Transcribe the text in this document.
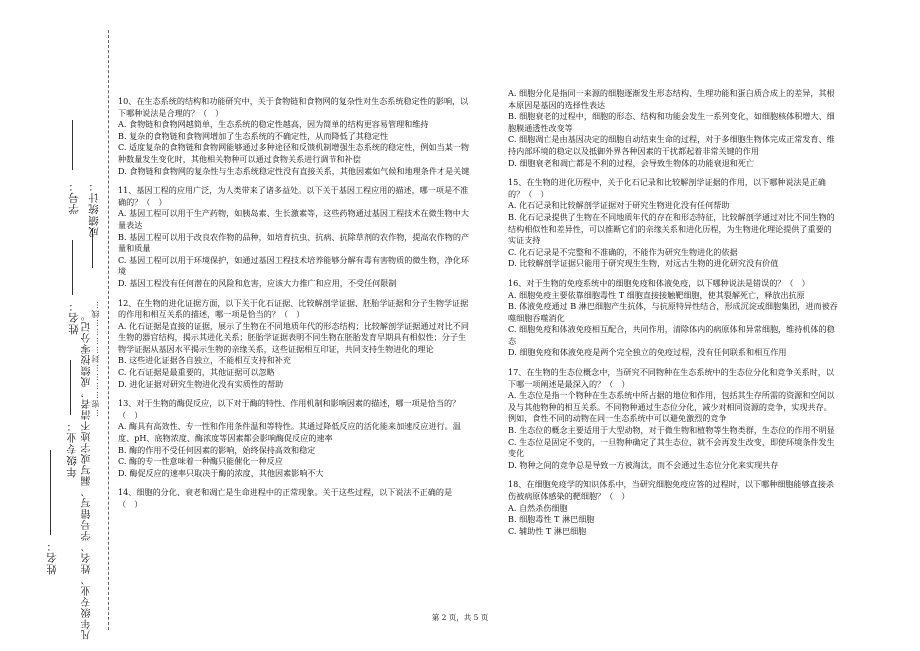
学号：
姓名：
成绩统计：
凡年级专业、姓名、学号错写、漏写或字迹不清者，成绩按零分记。
年级专业：
姓名：
…密…………封…………线…

10、在生态系统的结构和功能研究中，关于食物链和食物网的复杂性对生态系统稳定性的影响，以下哪种说法是合理的？（　）

A. 食物链和食物网越简单，生态系统的稳定性越高，因为简单的结构更容易管理和维持

B. 复杂的食物链和食物网增加了生态系统的不确定性，从而降低了其稳定性

C. 适度复杂的食物链和食物网能够通过多种途径和反馈机制增强生态系统的稳定性，例如当某一物种数量发生变化时，其他相关物种可以通过食物关系进行调节和补偿

D. 食物链和食物网的复杂性与生态系统稳定性没有直接关系，其他因素如气候和地理条件才是关键

11、基因工程的应用广泛，为人类带来了诸多益处。以下关于基因工程应用的描述，哪一项是不准确的？（　）

A. 基因工程可以用于生产药物，如胰岛素、生长激素等，这些药物通过基因工程技术在微生物中大量表达

B. 基因工程可以用于改良农作物的品种，如培育抗虫、抗病、抗除草剂的农作物，提高农作物的产量和质量

C. 基因工程可以用于环境保护，如通过基因工程技术培养能够分解有毒有害物质的微生物，净化环境

D. 基因工程没有任何潜在的风险和危害，应该大力推广和应用，不受任何限制

12、在生物的进化证据方面，以下关于化石证据、比较解剖学证据、胚胎学证据和分子生物学证据的作用和相互关系的描述，哪一项是恰当的？（　）

A. 化石证据是直接的证据，展示了生物在不同地质年代的形态结构；比较解剖学证据通过对比不同生物的器官结构，揭示其进化关系；胚胎学证据表明不同生物在胚胎发育早期具有相似性；分子生物学证据从基因水平揭示生物的亲缘关系，这些证据相互印证，共同支持生物进化的理论

B. 这些进化证据各自独立，不能相互支持和补充

C. 化石证据是最重要的，其他证据可以忽略

D. 进化证据对研究生物进化没有实质性的帮助

13、对于生物的酶促反应，以下对于酶的特性、作用机制和影响因素的描述，哪一项是恰当的？（　）

A. 酶具有高效性、专一性和作用条件温和等特性。其通过降低反应的活化能来加速反应进行。温度、pH、底物浓度、酶浓度等因素都会影响酶促反应的速率

B. 酶的作用不受任何因素的影响，始终保持高效和稳定

C. 酶的专一性意味着一种酶只能催化一种反应

D. 酶促反应的速率只取决于酶的浓度，其他因素影响不大

14、细胞的分化、衰老和凋亡是生命进程中的正常现象。关于这些过程，以下说法不正确的是（　）

A. 细胞分化是指同一来源的细胞逐渐发生形态结构、生理功能和蛋白质合成上的差异，其根本原因是基因的选择性表达

B. 细胞衰老的过程中，细胞的形态、结构和功能会发生一系列变化，如细胞核体积增大、细胞膜通透性改变等

C. 细胞凋亡是由基因决定的细胞自动结束生命的过程，对于多细胞生物体完成正常发育、维持内部环境的稳定以及抵御外界各种因素的干扰都起着非常关键的作用

D. 细胞衰老和凋亡都是不利的过程，会导致生物体的功能衰退和死亡

15、在生物的进化历程中，关于化石记录和比较解剖学证据的作用，以下哪种说法是正确的？（　）

A. 化石记录和比较解剖学证据对于研究生物进化没有任何帮助

B. 化石记录提供了生物在不同地质年代的存在和形态特征，比较解剖学通过对比不同生物的结构相似性和差异性，可以推断它们的亲缘关系和进化历程，为生物进化理论提供了重要的实证支持

C. 化石记录是不完整和不准确的，不能作为研究生物进化的依据

D. 比较解剖学证据只能用于研究现生生物，对远古生物的进化研究没有价值

16、对于生物的免疫系统中的细胞免疫和体液免疫，以下哪种说法是错误的？（　）

A. 细胞免疫主要依靠细胞毒性 T 细胞直接接触靶细胞，使其裂解死亡，释放出抗原

B. 体液免疫通过 B 淋巴细胞产生抗体，与抗原特异性结合，形成沉淀或细胞集团，进而被吞噬细胞吞噬消化

C. 细胞免疫和体液免疫相互配合，共同作用，清除体内的病原体和异常细胞，维持机体的稳态

D. 细胞免疫和体液免疫是两个完全独立的免疫过程，没有任何联系和相互作用

17、在生物的生态位概念中，当研究不同物种在生态系统中的生态位分化和竞争关系时，以下哪一项阐述是最深入的？（　）

A. 生态位是指一个物种在生态系统中所占据的地位和作用，包括其生存所需的资源和空间以及与其他物种的相互关系。不同物种通过生态位分化，减少对相同资源的竞争，实现共存。例如，食性不同的动物在同一生态系统中可以避免激烈的竞争

B. 生态位的概念主要适用于大型动物，对于微生物和植物等生物类群，生态位的作用不明显

C. 生态位是固定不变的，一旦物种确定了其生态位，就不会再发生改变，即使环境条件发生变化

D. 物种之间的竞争总是导致一方被淘汰，而不会通过生态位分化来实现共存

18、在细胞免疫学的知识体系中，当研究细胞免疫应答的过程时，以下哪种细胞能够直接杀伤被病原体感染的靶细胞？（　）

A. 自然杀伤细胞

B. 细胞毒性 T 淋巴细胞

C. 辅助性 T 淋巴细胞

第 2 页，共 5 页
